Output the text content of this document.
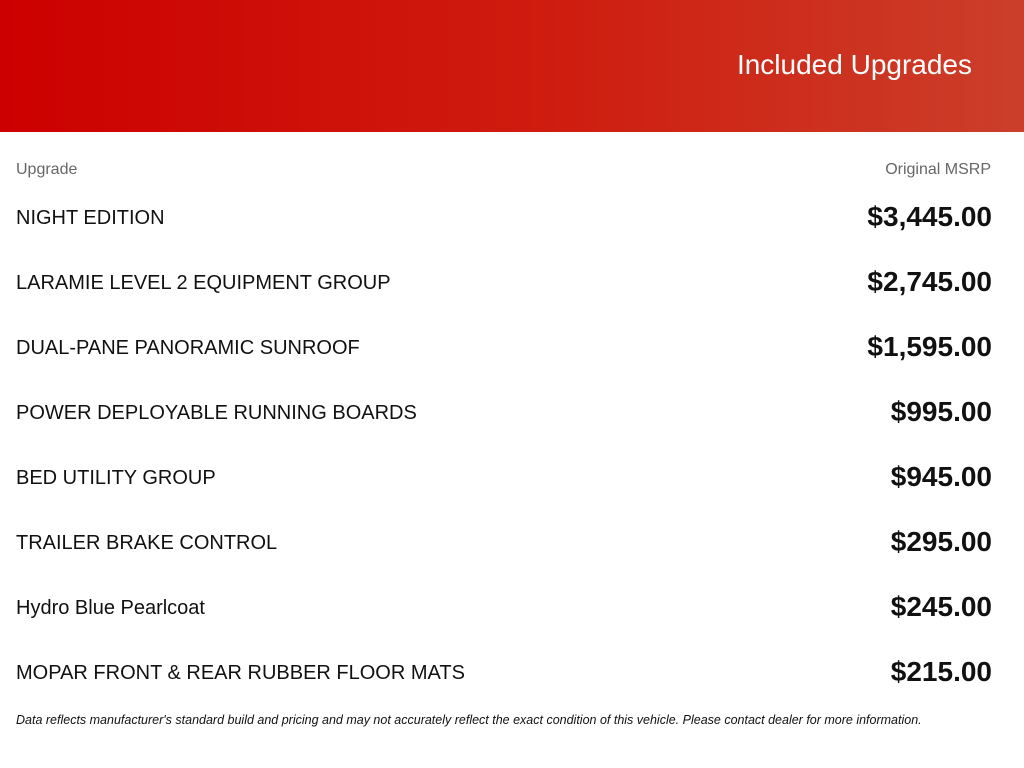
Included Upgrades
Upgrade	Original MSRP
NIGHT EDITION	$3,445.00
LARAMIE LEVEL 2 EQUIPMENT GROUP	$2,745.00
DUAL-PANE PANORAMIC SUNROOF	$1,595.00
POWER DEPLOYABLE RUNNING BOARDS	$995.00
BED UTILITY GROUP	$945.00
TRAILER BRAKE CONTROL	$295.00
Hydro Blue Pearlcoat	$245.00
MOPAR FRONT & REAR RUBBER FLOOR MATS	$215.00
Data reflects manufacturer's standard build and pricing and may not accurately reflect the exact condition of this vehicle. Please contact dealer for more information.
